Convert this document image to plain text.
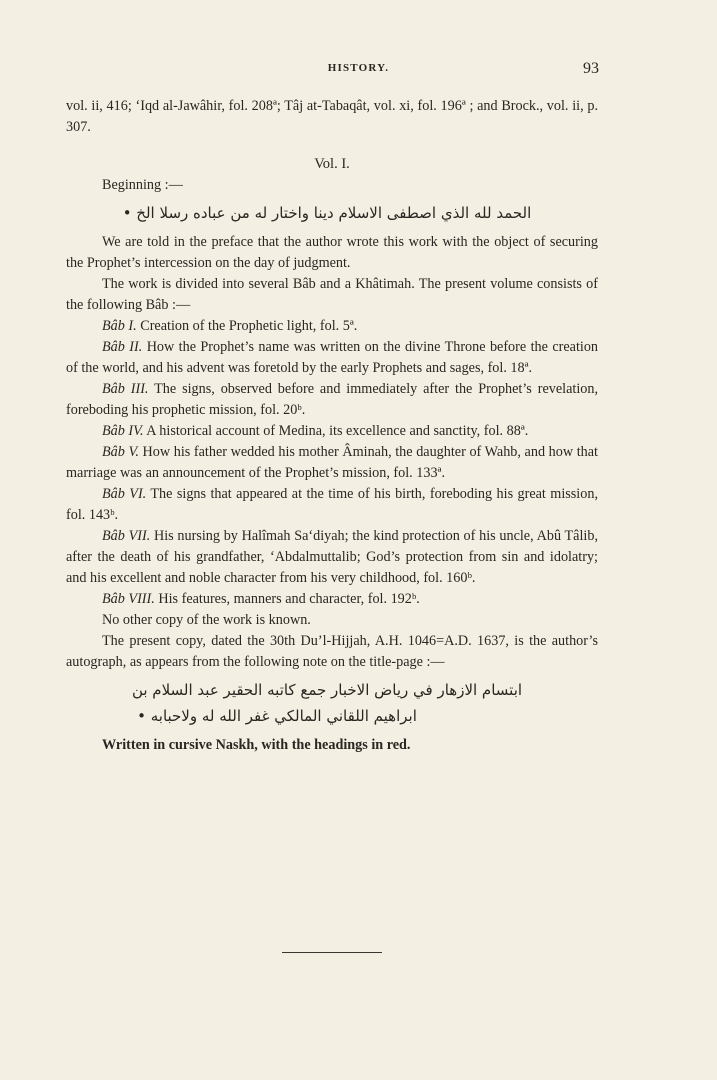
HISTORY.	93

vol. ii, 416; ‘Iqd al-Jawâhir, fol. 208ª; Tâj at-Tabaqât, vol. xi, fol. 196ª ; and Brock., vol. ii, p. 307.

Vol. I.

Beginning :—

الحمد لله الذي اصطفى الاسلام دينا واختار له من عباده رسلا الخ •

We are told in the preface that the author wrote this work with the object of securing the Prophet’s intercession on the day of judgment.

The work is divided into several Bâb and a Khâtimah. The present volume consists of the following Bâb :—

Bâb I. Creation of the Prophetic light, fol. 5ª.

Bâb II. How the Prophet’s name was written on the divine Throne before the creation of the world, and his advent was foretold by the early Prophets and sages, fol. 18ª.

Bâb III. The signs, observed before and immediately after the Prophet’s revelation, foreboding his prophetic mission, fol. 20ᵇ.

Bâb IV. A historical account of Medina, its excellence and sanctity, fol. 88ª.

Bâb V. How his father wedded his mother Âminah, the daughter of Wahb, and how that marriage was an announcement of the Prophet’s mission, fol. 133ª.

Bâb VI. The signs that appeared at the time of his birth, foreboding his great mission, fol. 143ᵇ.

Bâb VII. His nursing by Halîmah Sa‘diyah; the kind protection of his uncle, Abû Tâlib, after the death of his grandfather, ‘Abdalmuttalib; God’s protection from sin and idolatry; and his excellent and noble character from his very childhood, fol. 160ᵇ.

Bâb VIII. His features, manners and character, fol. 192ᵇ.

No other copy of the work is known.

The present copy, dated the 30th Du’l-Hijjah, A.H. 1046=A.D. 1637, is the author’s autograph, as appears from the following note on the title-page :—

ابتسام الازهار في رياض الاخبار جمع كاتبه الحقير عبد السلام بن
ابراهيم اللقاني المالكي غفر الله له ولاحبابه •

Written in cursive Naskh, with the headings in red.
